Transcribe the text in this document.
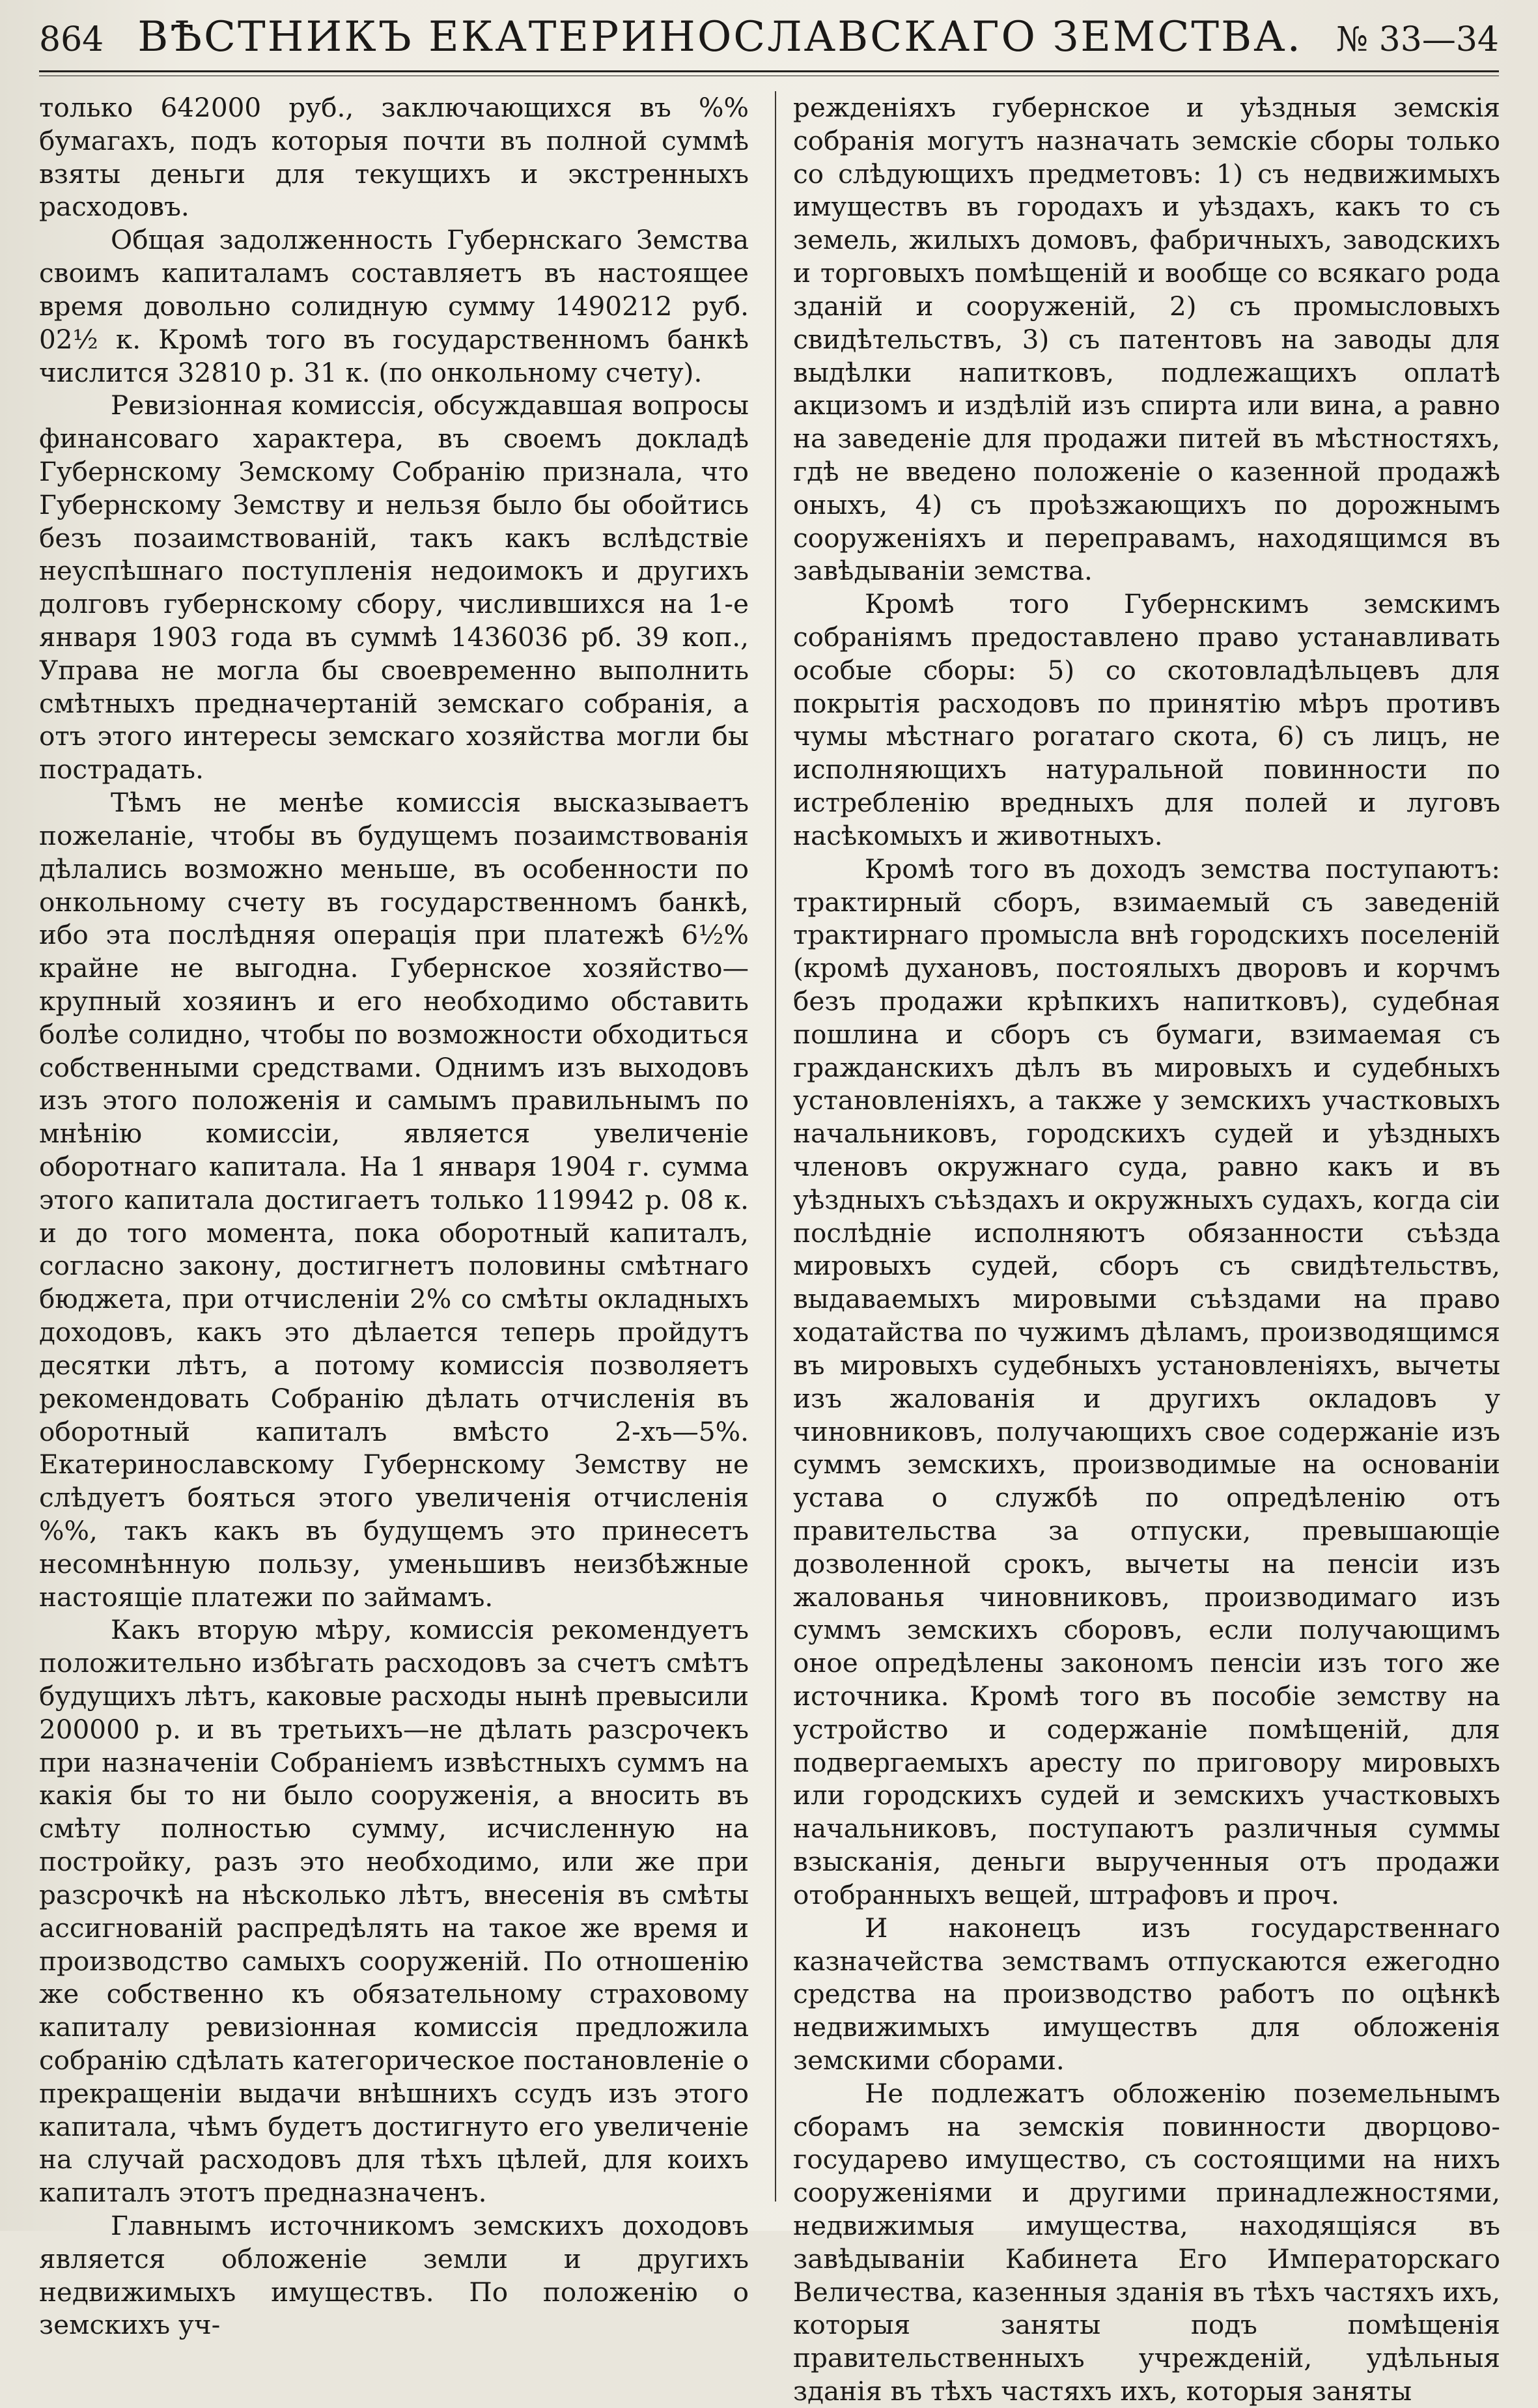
864 ВѢСТНИКЪ ЕКАТЕРИНОСЛАВСКАГО ЗЕМСТВА. № 33—34

только 642000 руб., заключающихся въ %% бумагахъ, подъ которыя почти въ полной суммѣ взяты деньги для текущихъ и экстренныхъ расходовъ.

Общая задолженность Губернскаго Земства своимъ капиталамъ составляетъ въ настоящее время довольно солидную сумму 1490212 руб. 02½ к. Кромѣ того въ государственномъ банкѣ числится 32810 р. 31 к. (по онкольному счету).

Ревизіонная комиссія, обсуждавшая вопросы финансоваго характера, въ своемъ докладѣ Губернскому Земскому Собранію признала, что Губернскому Земству и нельзя было бы обойтись безъ позаимствованій, такъ какъ вслѣдствіе неуспѣшнаго поступленія недоимокъ и другихъ долговъ губернскому сбору, числившихся на 1-е января 1903 года въ суммѣ 1436036 рб. 39 коп., Управа не могла бы своевременно выполнить смѣтныхъ предначертаній земскаго собранія, а отъ этого интересы земскаго хозяйства могли бы пострадать.

Тѣмъ не менѣе комиссія высказываетъ пожеланіе, чтобы въ будущемъ позаимствованія дѣлались возможно меньше, въ особенности по онкольному счету въ государственномъ банкѣ, ибо эта послѣдняя операція при платежѣ 6½% крайне не выгодна. Губернское хозяйство—крупный хозяинъ и его необходимо обставить болѣе солидно, чтобы по возможности обходиться собственными средствами. Однимъ изъ выходовъ изъ этого положенія и самымъ правильнымъ по мнѣнію комиссіи, является увеличеніе оборотнаго капитала. На 1 января 1904 г. сумма этого капитала достигаетъ только 119942 р. 08 к. и до того момента, пока оборотный капиталъ, согласно закону, достигнетъ половины смѣтнаго бюджета, при отчисленіи 2% со смѣты окладныхъ доходовъ, какъ это дѣлается теперь пройдутъ десятки лѣтъ, а потому комиссія позволяетъ рекомендовать Собранію дѣлать отчисленія въ оборотный капиталъ вмѣсто 2-хъ—5%. Екатеринославскому Губернскому Земству не слѣдуетъ бояться этого увеличенія отчисленія %%, такъ какъ въ будущемъ это принесетъ несомнѣнную пользу, уменьшивъ неизбѣжные настоящіе платежи по займамъ.

Какъ вторую мѣру, комиссія рекомендуетъ положительно избѣгать расходовъ за счетъ смѣтъ будущихъ лѣтъ, каковые расходы нынѣ превысили 200000 р. и въ третьихъ—не дѣлать разсрочекъ при назначеніи Собраніемъ извѣстныхъ суммъ на какія бы то ни было сооруженія, а вносить въ смѣту полностью сумму, исчисленную на постройку, разъ это необходимо, или же при разсрочкѣ на нѣсколько лѣтъ, внесенія въ смѣты ассигнованій распредѣлять на такое же время и производство самыхъ сооруженій. По отношенію же собственно къ обязательному страховому капиталу ревизіонная комиссія предложила собранію сдѣлать категорическое постановленіе о прекращеніи выдачи внѣшнихъ ссудъ изъ этого капитала, чѣмъ будетъ достигнуто его увеличеніе на случай расходовъ для тѣхъ цѣлей, для коихъ капиталъ этотъ предназначенъ.

Главнымъ источникомъ земскихъ доходовъ является обложеніе земли и другихъ недвижимыхъ имуществъ. По положенію о земскихъ уч-

режденіяхъ губернское и уѣздныя земскія собранія могутъ назначать земскіе сборы только со слѣдующихъ предметовъ: 1) съ недвижимыхъ имуществъ въ городахъ и уѣздахъ, какъ то съ земель, жилыхъ домовъ, фабричныхъ, заводскихъ и торговыхъ помѣщеній и вообще со всякаго рода зданій и сооруженій, 2) съ промысловыхъ свидѣтельствъ, 3) съ патентовъ на заводы для выдѣлки напитковъ, подлежащихъ оплатѣ акцизомъ и издѣлій изъ спирта или вина, а равно на заведеніе для продажи питей въ мѣстностяхъ, гдѣ не введено положеніе о казенной продажѣ оныхъ, 4) съ проѣзжающихъ по дорожнымъ сооруженіяхъ и переправамъ, находящимся въ завѣдываніи земства.

Кромѣ того Губернскимъ земскимъ собраніямъ предоставлено право устанавливать особые сборы: 5) со скотовладѣльцевъ для покрытія расходовъ по принятію мѣръ противъ чумы мѣстнаго рогатаго скота, 6) съ лицъ, не исполняющихъ натуральной повинности по истребленію вредныхъ для полей и луговъ насѣкомыхъ и животныхъ.

Кромѣ того въ доходъ земства поступаютъ: трактирный сборъ, взимаемый съ заведеній трактирнаго промысла внѣ городскихъ поселеній (кромѣ духановъ, постоялыхъ дворовъ и корчмъ безъ продажи крѣпкихъ напитковъ), судебная пошлина и сборъ съ бумаги, взимаемая съ гражданскихъ дѣлъ въ мировыхъ и судебныхъ установленіяхъ, а также у земскихъ участковыхъ начальниковъ, городскихъ судей и уѣздныхъ членовъ окружнаго суда, равно какъ и въ уѣздныхъ съѣздахъ и окружныхъ судахъ, когда сіи послѣдніе исполняютъ обязанности съѣзда мировыхъ судей, сборъ съ свидѣтельствъ, выдаваемыхъ мировыми съѣздами на право ходатайства по чужимъ дѣламъ, производящимся въ мировыхъ судебныхъ установленіяхъ, вычеты изъ жалованія и другихъ окладовъ у чиновниковъ, получающихъ свое содержаніе изъ суммъ земскихъ, производимые на основаніи устава о службѣ по опредѣленію отъ правительства за отпуски, превышающіе дозволенной срокъ, вычеты на пенсіи изъ жалованья чиновниковъ, производимаго изъ суммъ земскихъ сборовъ, если получающимъ оное опредѣлены закономъ пенсіи изъ того же источника. Кромѣ того въ пособіе земству на устройство и содержаніе помѣщеній, для подвергаемыхъ аресту по приговору мировыхъ или городскихъ судей и земскихъ участковыхъ начальниковъ, поступаютъ различныя суммы взысканія, деньги вырученныя отъ продажи отобранныхъ вещей, штрафовъ и проч.

И наконецъ изъ государственнаго казначейства земствамъ отпускаются ежегодно средства на производство работъ по оцѣнкѣ недвижимыхъ имуществъ для обложенія земскими сборами.

Не подлежатъ обложенію поземельнымъ сборамъ на земскія повинности дворцово-государево имущество, съ состоящими на нихъ сооруженіями и другими принадлежностями, недвижимыя имущества, находящіяся въ завѣдываніи Кабинета Его Императорскаго Величества, казенныя зданія въ тѣхъ частяхъ ихъ, которыя заняты подъ помѣщенія правительственныхъ учрежденій, удѣльныя зданія въ тѣхъ частяхъ ихъ, которыя заняты
